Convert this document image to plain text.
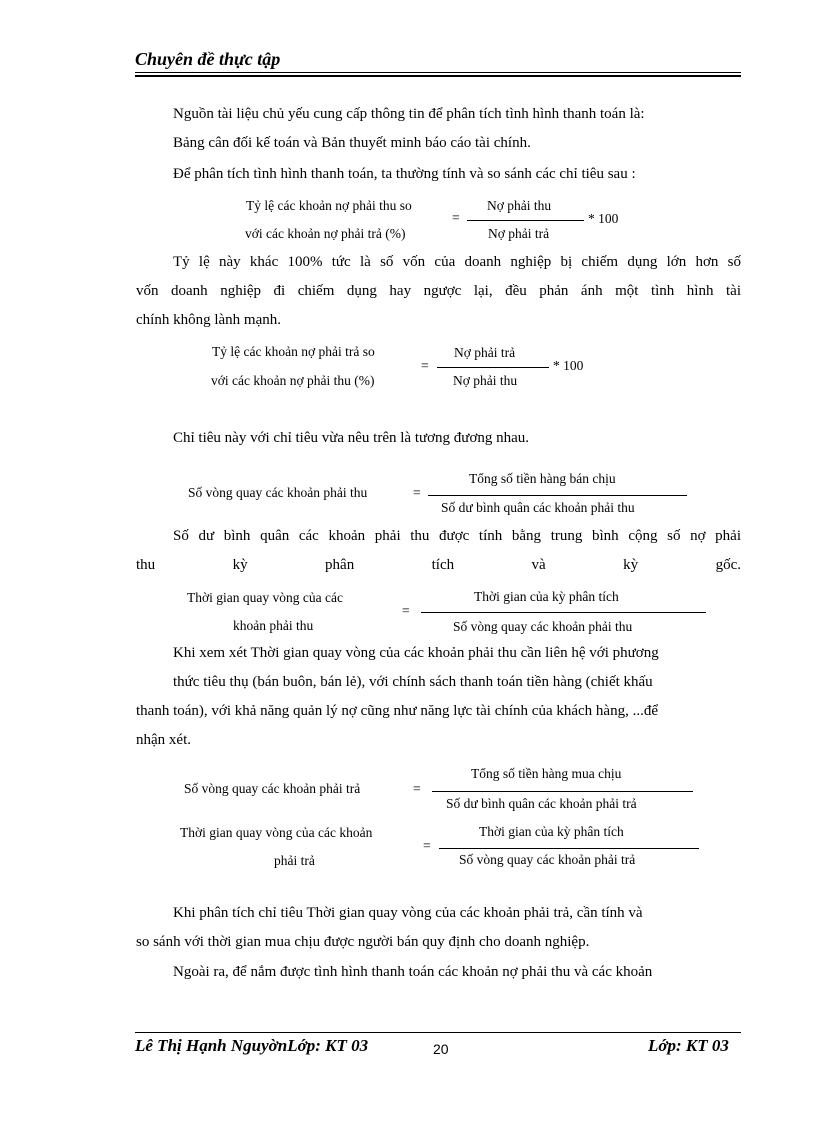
Chuyên đề thực tập
Nguồn tài liệu chủ yếu cung cấp thông tin để phân tích tình hình thanh toán là:
Bảng cân đối kế toán và Bản thuyết minh báo cáo tài chính.
Để phân tích tình hình thanh toán, ta thường tính và so sánh các chỉ tiêu sau :
Tỷ lệ các khoản nợ phải thu so
với các khoản nợ phải trả (%)
=
Nợ phải thu
Nợ phải trả
* 100
Tỷ lệ này khác 100% tức là số vốn của doanh nghiệp bị chiếm dụng lớn hơn số
vốn doanh nghiệp đi chiếm dụng hay ngược lại, đều phản ánh một tình hình tài
chính không lành mạnh.
Tỷ lệ các khoản nợ phải trả so
với các khoản nợ phải thu (%)
=
Nợ phải trả
Nợ phải thu
* 100
Chỉ tiêu này với chỉ tiêu vừa nêu trên là tương đương nhau.
Số vòng quay các khoản phải thu	=
Tổng số tiền hàng bán chịu
Số dư bình quân các khoản phải thu
Số dư bình quân các khoản phải thu được tính bằng trung bình cộng số nợ phải
thu kỳ phân tích và kỳ gốc.
Thời gian quay vòng của các
khoản phải thu
=
Thời gian của kỳ phân tích
Số vòng quay các khoản phải thu
Khi xem xét Thời gian quay vòng của các khoản phải thu cần liên hệ với phương
thức tiêu thụ (bán buôn, bán lẻ), với chính sách thanh toán tiền hàng (chiết khấu
thanh toán), với khả năng quản lý nợ cũng như năng lực tài chính của khách hàng, ...để
nhận xét.
Số vòng quay các khoản phải trả	=
Tổng số tiền hàng mua chịu
Số dư bình quân các khoản phải trả
Thời gian quay vòng của các khoản
phải trả
=
Thời gian của kỳ phân tích
Số vòng quay các khoản phải trả
Khi phân tích chỉ tiêu Thời gian quay vòng của các khoản phải trả, cần tính và
so sánh với thời gian mua chịu được người bán quy định cho doanh nghiệp.
Ngoài ra, để nắm được tình hình thanh toán các khoản nợ phải thu và các khoản
Lê Thị Hạnh NguyờnLớp: KT 03	20	Lớp: KT 03
